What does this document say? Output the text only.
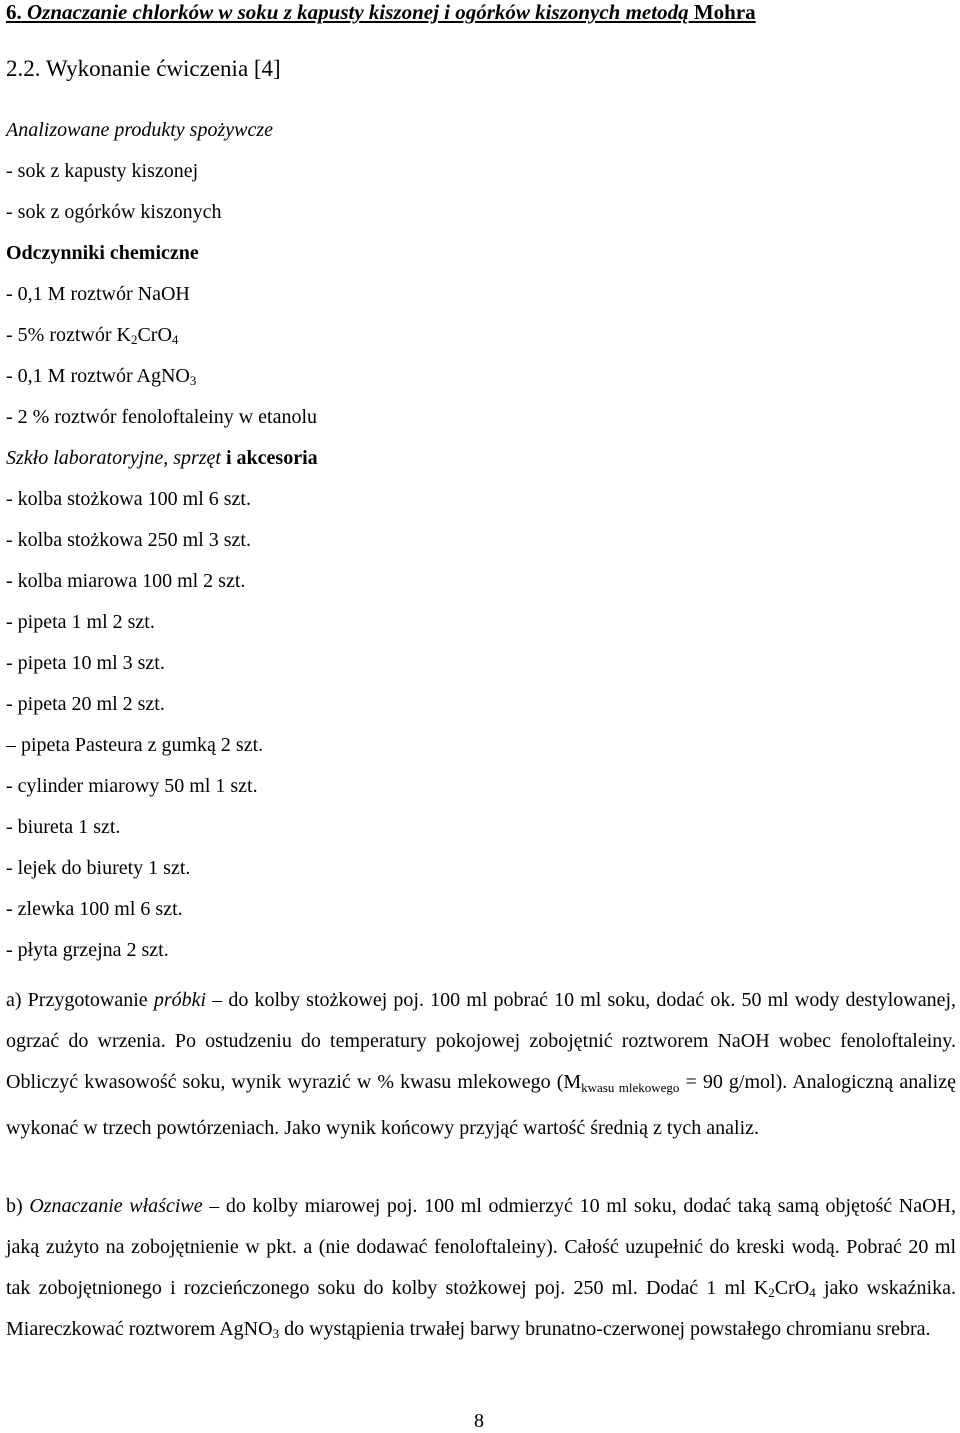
6. Oznaczanie chlorków w soku z kapusty kiszonej i ogórków kiszonych metodą Mohra
2.2. Wykonanie ćwiczenia [4]
Analizowane produkty spożywcze
- sok z kapusty kiszonej
- sok z ogórków kiszonych
Odczynniki chemiczne
- 0,1 M roztwór NaOH
- 5% roztwór $K_2CrO_4$
- 0,1 M roztwór AgNO$_3$
- 2 % roztwór fenoloftaleiny w etanolu
Szkło laboratoryjne, sprzęt i akcesoria
- kolba stożkowa 100 ml 6 szt.
- kolba stożkowa 250 ml 3 szt.
- kolba miarowa 100 ml 2 szt.
- pipeta 1 ml 2 szt.
- pipeta 10 ml 3 szt.
- pipeta 20 ml 2 szt.
– pipeta Pasteura z gumką 2 szt.
- cylinder miarowy 50 ml 1 szt.
- biureta 1 szt.
- lejek do biurety 1 szt.
- zlewka 100 ml 6 szt.
- płyta grzejna 2 szt.
a) Przygotowanie próbki – do kolby stożkowej poj. 100 ml pobrać 10 ml soku, dodać ok. 50 ml wody destylowanej, ogrzać do wrzenia. Po ostudzeniu do temperatury pokojowej zobojętnić roztworem NaOH wobec fenoloftaleiny. Obliczyć kwasowość soku, wynik wyrazić w % kwasu mlekowego ($M_{kwasu mlekowego} = 90$ g/mol). Analogiczną analizę wykonać w trzech powtórzeniach. Jako wynik końcowy przyjąć wartość średnią z tych analiz.
b) Oznaczanie właściwe – do kolby miarowej poj. 100 ml odmierzyć 10 ml soku, dodać taką samą objętość NaOH, jaką zużyto na zobojętnienie w pkt. a (nie dodawać fenoloftaleiny). Całość uzupełnić do kreski wodą. Pobrać 20 ml tak zobojętnionego i rozcieńczonego soku do kolby stożkowej poj. 250 ml. Dodać 1 ml $K_2CrO_4$ jako wskaźnika. Miareczkować roztworem AgNO$_3$ do wystąpienia trwałej barwy brunatno-czerwonej powstałego chromianu srebra.
8
